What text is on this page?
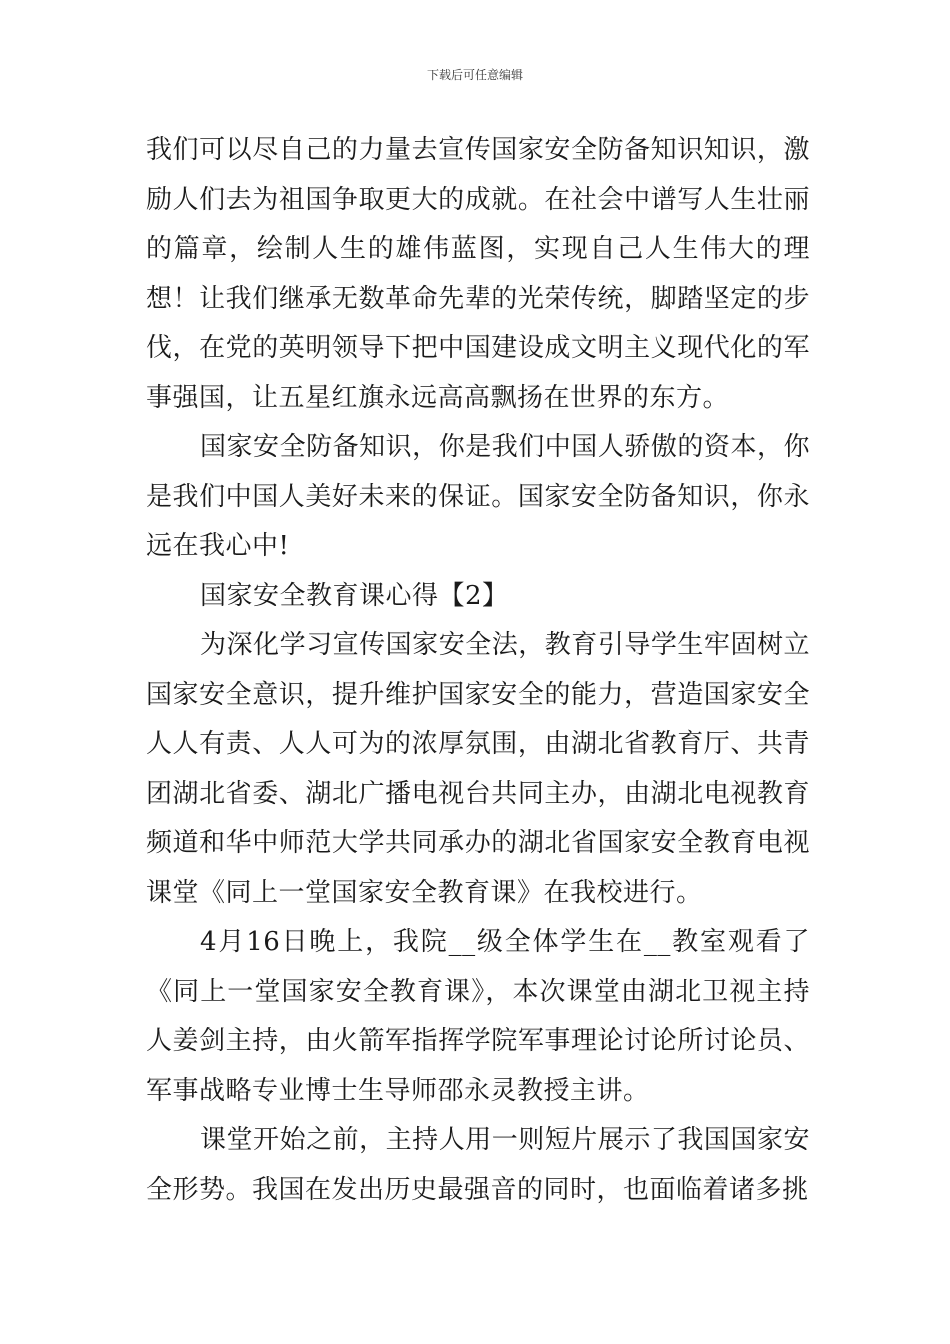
下载后可任意编辑

我们可以尽自己的力量去宣传国家安全防备知识知识，激励人们去为祖国争取更大的成就。在社会中谱写人生壮丽的篇章，绘制人生的雄伟蓝图，实现自己人生伟大的理想！让我们继承无数革命先辈的光荣传统，脚踏坚定的步伐，在党的英明领导下把中国建设成文明主义现代化的军事强国，让五星红旗永远高高飘扬在世界的东方。

国家安全防备知识，你是我们中国人骄傲的资本，你是我们中国人美好未来的保证。国家安全防备知识，你永远在我心中!

国家安全教育课心得【2】

为深化学习宣传国家安全法，教育引导学生牢固树立国家安全意识，提升维护国家安全的能力，营造国家安全人人有责、人人可为的浓厚氛围，由湖北省教育厅、共青团湖北省委、湖北广播电视台共同主办，由湖北电视教育频道和华中师范大学共同承办的湖北省国家安全教育电视课堂《同上一堂国家安全教育课》在我校进行。

4月16日晚上，我院__级全体学生在__教室观看了《同上一堂国家安全教育课》，本次课堂由湖北卫视主持人姜剑主持，由火箭军指挥学院军事理论讨论所讨论员、军事战略专业博士生导师邵永灵教授主讲。

课堂开始之前，主持人用一则短片展示了我国国家安全形势。我国在发出历史最强音的同时，也面临着诸多挑
